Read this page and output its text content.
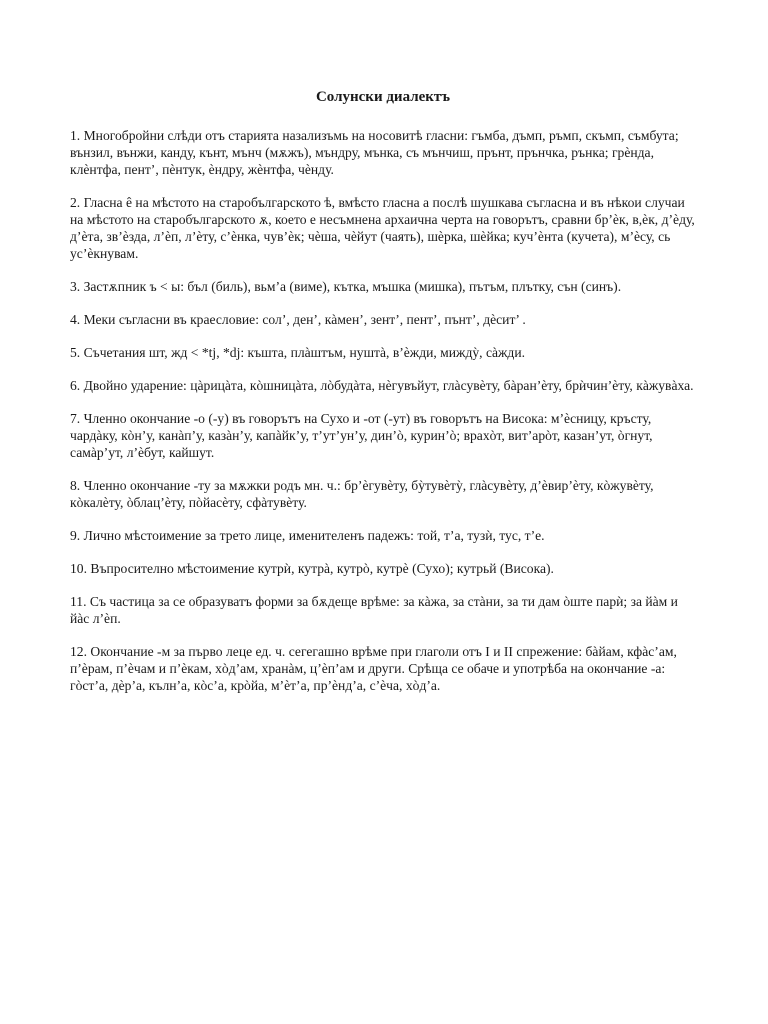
Солунски диалектъ

1. Многобройни слѣди отъ старията назализъмь на носовитѣ гласни: гъмба, дъмп, ръмп, скъмп, съмбута; вънзил, вънжи, канду, кънт, мънч (мѫжъ), мъндру, мънка, съ мънчиш, прънт, прънчка, рънка; грѐнда, клѐнтфа, пент’, пѐнтук, ѐндру, жѐнтфа, чѐнду.

2. Гласна ê на мѣстото на старобългарското ѣ, вмѣсто гласна а послѣ шушкава съгласна и въ нѣкои случаи на мѣстото на старобългарското ѫ, което е несъмнена архаична черта на говорътъ, сравни бр’ѐк, в,ѐк, д’ѐду, д’ѐта, зв’ѐзда, л’ѐп, л’ѐту, с’ѐнка, чув’ѐк; чѐша, чѐйут (чаять), шѐрка, шѐйка; куч’ѐнта (кучета), м’ѐсу, сь ус’ѐкнувам.

3. Застѫпник ъ < ы: бъл (биль), вьм’а (виме), кътка, мъшка (мишка), пътъм, плътку, сън (синъ).

4. Меки съгласни въ краесловие: сол’, ден’, кàмен’, зент’, пент’, пънт’, дѐсит’ .

5. Съчетания шт, жд < *tj, *dj: къшта, плàштъм, нуштà, в’ѐжди, миждỳ, сàжди.

6. Двойно ударение: цàрицàта, кòшницàта, лòбудàта, нѐгувъйут, глàсувѐту, бàран’ѐту, брѝчин’ѐту, кàжувàха.

7. Членно окончание -о (-у) въ говорътъ на Сухо и -от (-ут) въ говорътъ на Висока: м’ѐсницу, кръсту, чардàку, кòн’у, канàп’у, казàн’у, капàйк’у, т’ут’ун’у, дин’ò, курин’ò; врахòт, вит’арòт, казан’ут, òгнут, самàр’ут, л’ѐбут, кайшут.

8. Членно окончание -ту за мѫжки родъ мн. ч.: бр’ѐгувѐту, бỳтувѐтỳ, глàсувѐту, д’ѐвир’ѐту, кòжувѐту, кòкалѐту, òблац’ѐту, пòйасѐту, сфàтувѐту.

9. Лично мѣстоимение за трето лице, именителенъ падежъ: той, т’а, тузѝ, тус, т’е.

10. Въпросително мѣстоимение кутрѝ, кутрà, кутрò, кутрѐ (Сухо); кутрьй (Висока).

11. Съ частица за се образуватъ форми за бѫдеще врѣме: за кàжа, за стàни, за ти дам òште парѝ; за йàм и йàс л’ѐп.

12. Окончание -м за първо леце ед. ч. сегегашно врѣме при глаголи отъ I и II спрежение: бàйам, кфàс’ам, п’ѐрам, п’ѐчам и п’ѐкам, хòд’ам, хранàм, ц’ѐп’ам и други. Срѣща се обаче и употрѣба на окончание -а: гòст’а, дѐр’а, кълн’а, кòс’а, крòйа, м’ѐт’а, пр’ѐнд’а, с’ѐча, хòд’а.
